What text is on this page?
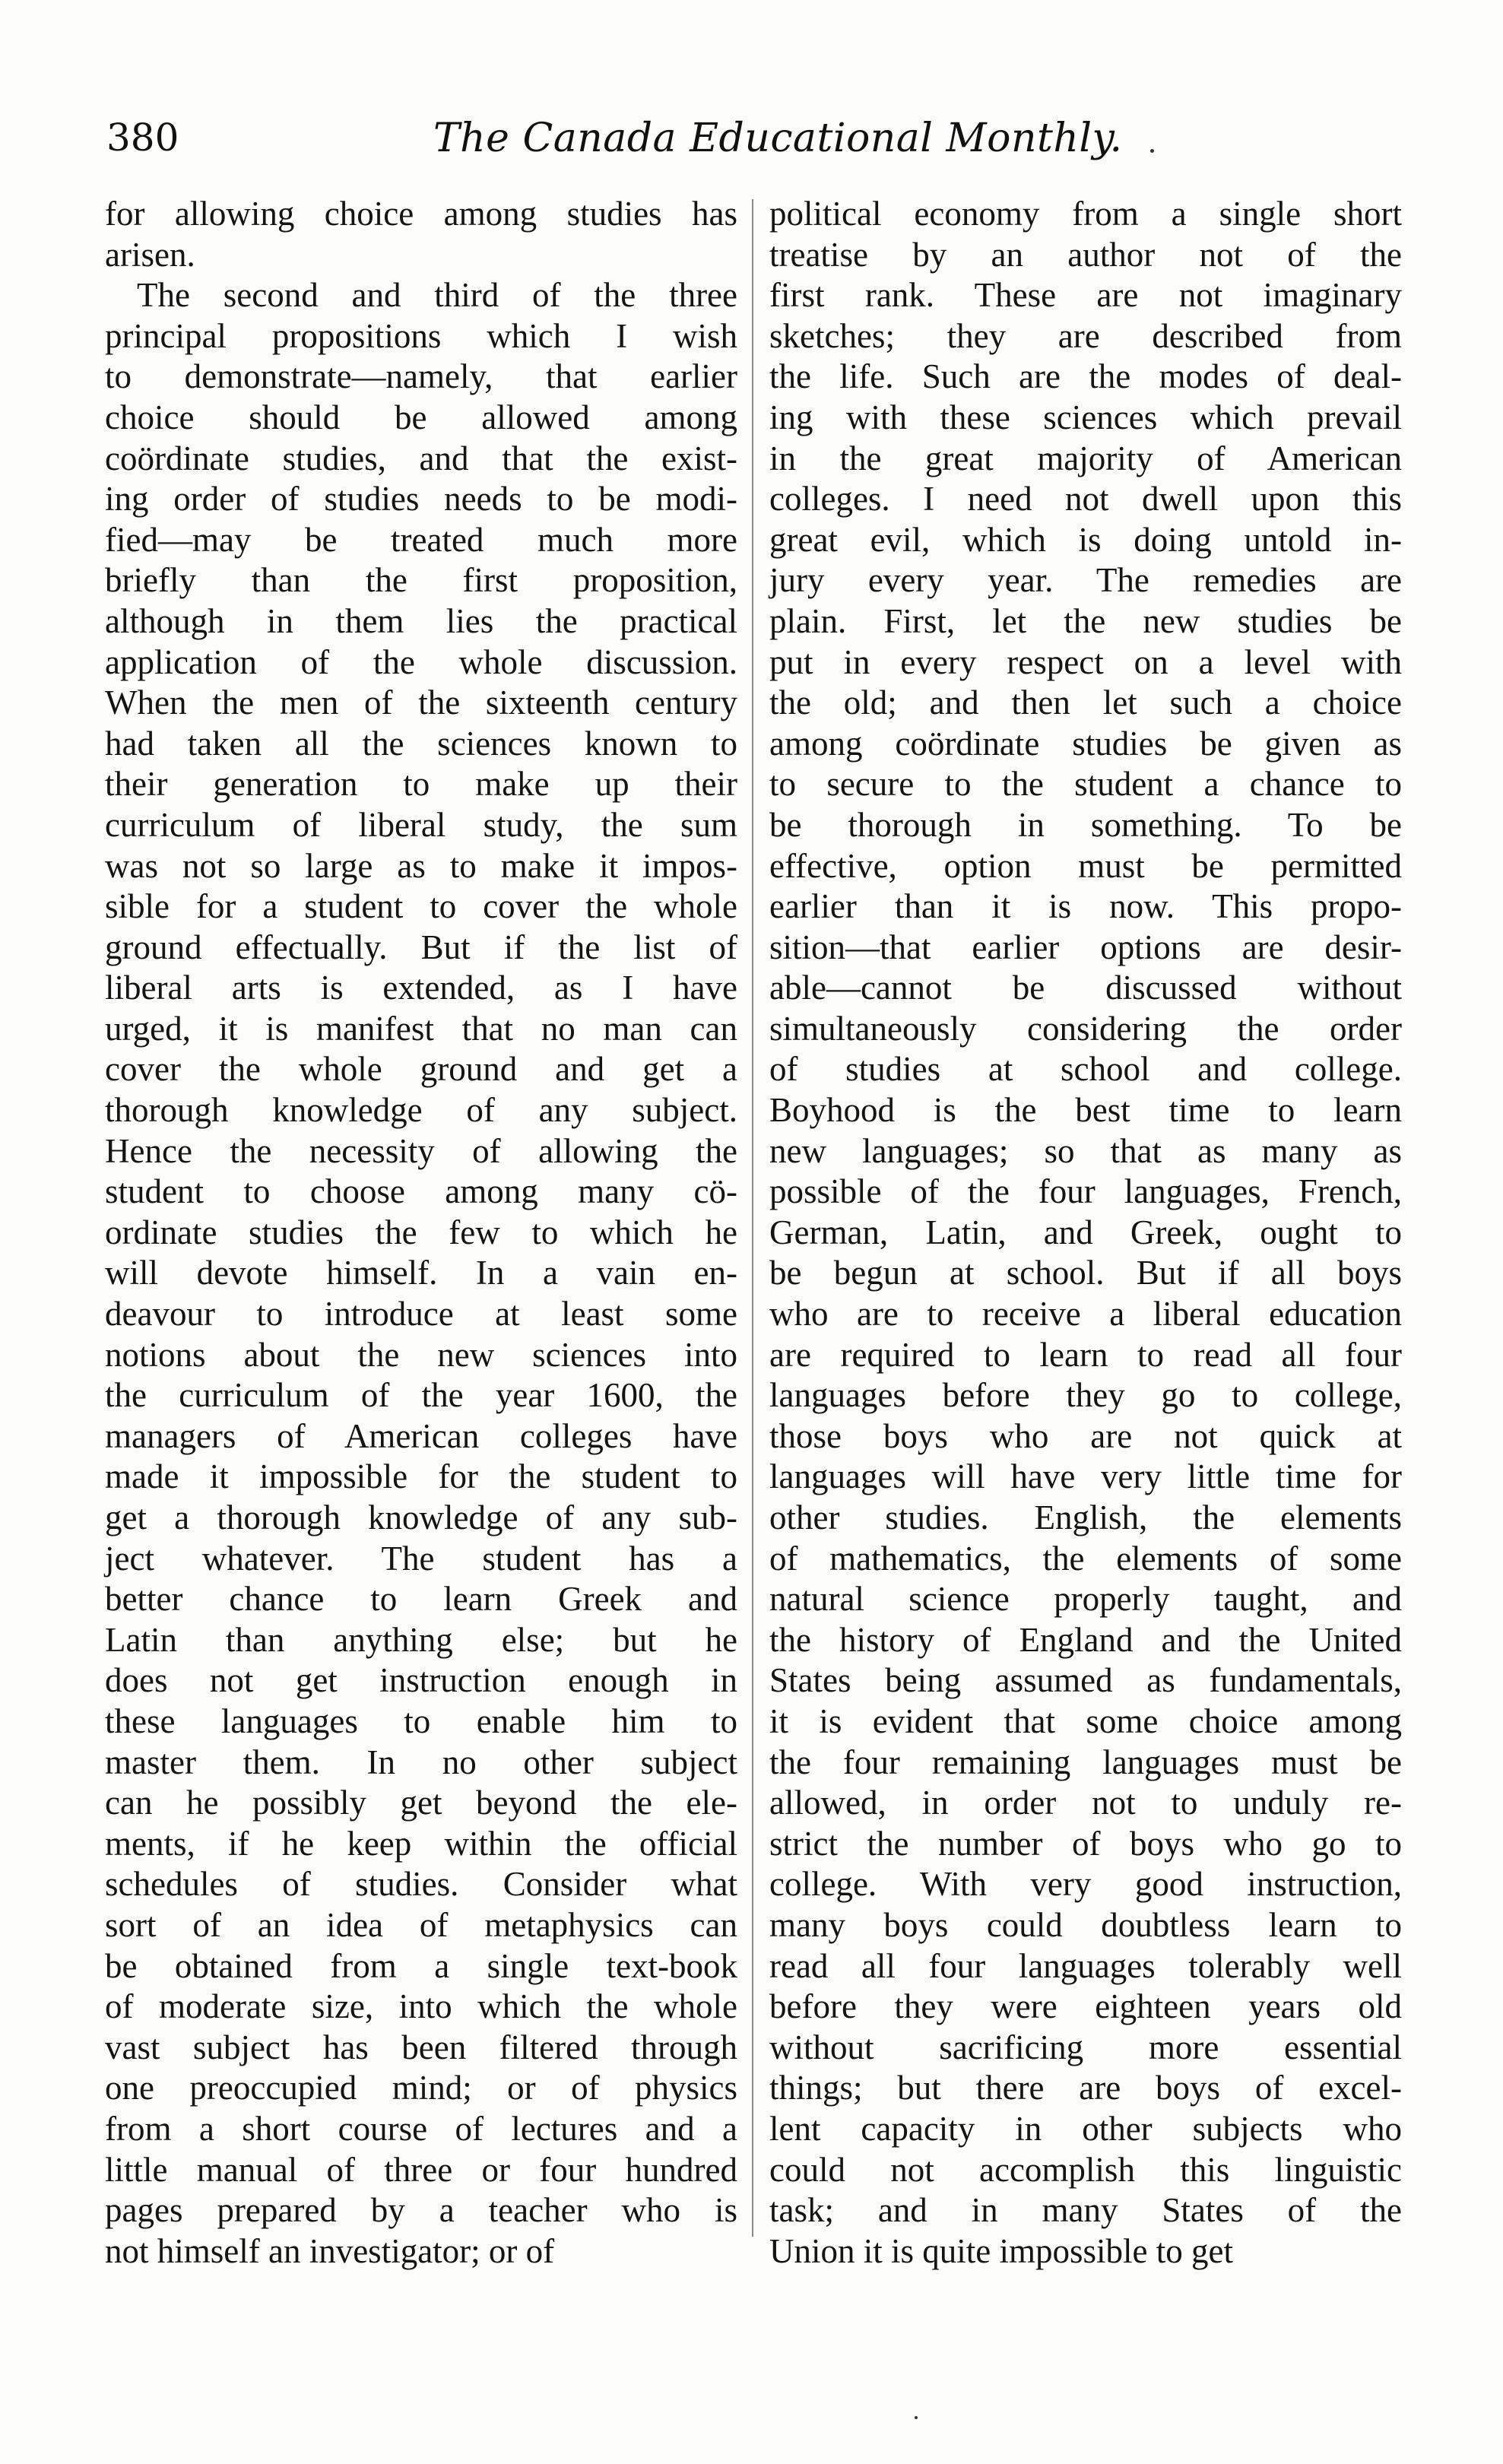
380	The Canada Educational Monthly.
for allowing choice among studies has
arisen.
The second and third of the three
principal propositions which I wish
to demonstrate—namely, that earlier
choice should be allowed among
coördinate studies, and that the exist-
ing order of studies needs to be modi-
fied—may be treated much more
briefly than the first proposition,
although in them lies the practical
application of the whole discussion.
When the men of the sixteenth century
had taken all the sciences known to
their generation to make up their
curriculum of liberal study, the sum
was not so large as to make it impos-
sible for a student to cover the whole
ground effectually. But if the list of
liberal arts is extended, as I have
urged, it is manifest that no man can
cover the whole ground and get a
thorough knowledge of any subject.
Hence the necessity of allowing the
student to choose among many cö-
ordinate studies the few to which he
will devote himself. In a vain en-
deavour to introduce at least some
notions about the new sciences into
the curriculum of the year 1600, the
managers of American colleges have
made it impossible for the student to
get a thorough knowledge of any sub-
ject whatever. The student has a
better chance to learn Greek and
Latin than anything else; but he
does not get instruction enough in
these languages to enable him to
master them. In no other subject
can he possibly get beyond the ele-
ments, if he keep within the official
schedules of studies. Consider what
sort of an idea of metaphysics can
be obtained from a single text-book
of moderate size, into which the whole
vast subject has been filtered through
one preoccupied mind; or of physics
from a short course of lectures and a
little manual of three or four hundred
pages prepared by a teacher who is
not himself an investigator; or of
political economy from a single short
treatise by an author not of the
first rank. These are not imaginary
sketches; they are described from
the life. Such are the modes of deal-
ing with these sciences which prevail
in the great majority of American
colleges. I need not dwell upon this
great evil, which is doing untold in-
jury every year. The remedies are
plain. First, let the new studies be
put in every respect on a level with
the old; and then let such a choice
among coördinate studies be given as
to secure to the student a chance to
be thorough in something. To be
effective, option must be permitted
earlier than it is now. This propo-
sition—that earlier options are desir-
able—cannot be discussed without
simultaneously considering the order
of studies at school and college.
Boyhood is the best time to learn
new languages; so that as many as
possible of the four languages, French,
German, Latin, and Greek, ought to
be begun at school. But if all boys
who are to receive a liberal education
are required to learn to read all four
languages before they go to college,
those boys who are not quick at
languages will have very little time for
other studies. English, the elements
of mathematics, the elements of some
natural science properly taught, and
the history of England and the United
States being assumed as fundamentals,
it is evident that some choice among
the four remaining languages must be
allowed, in order not to unduly re-
strict the number of boys who go to
college. With very good instruction,
many boys could doubtless learn to
read all four languages tolerably well
before they were eighteen years old
without sacrificing more essential
things; but there are boys of excel-
lent capacity in other subjects who
could not accomplish this linguistic
task; and in many States of the
Union it is quite impossible to get
